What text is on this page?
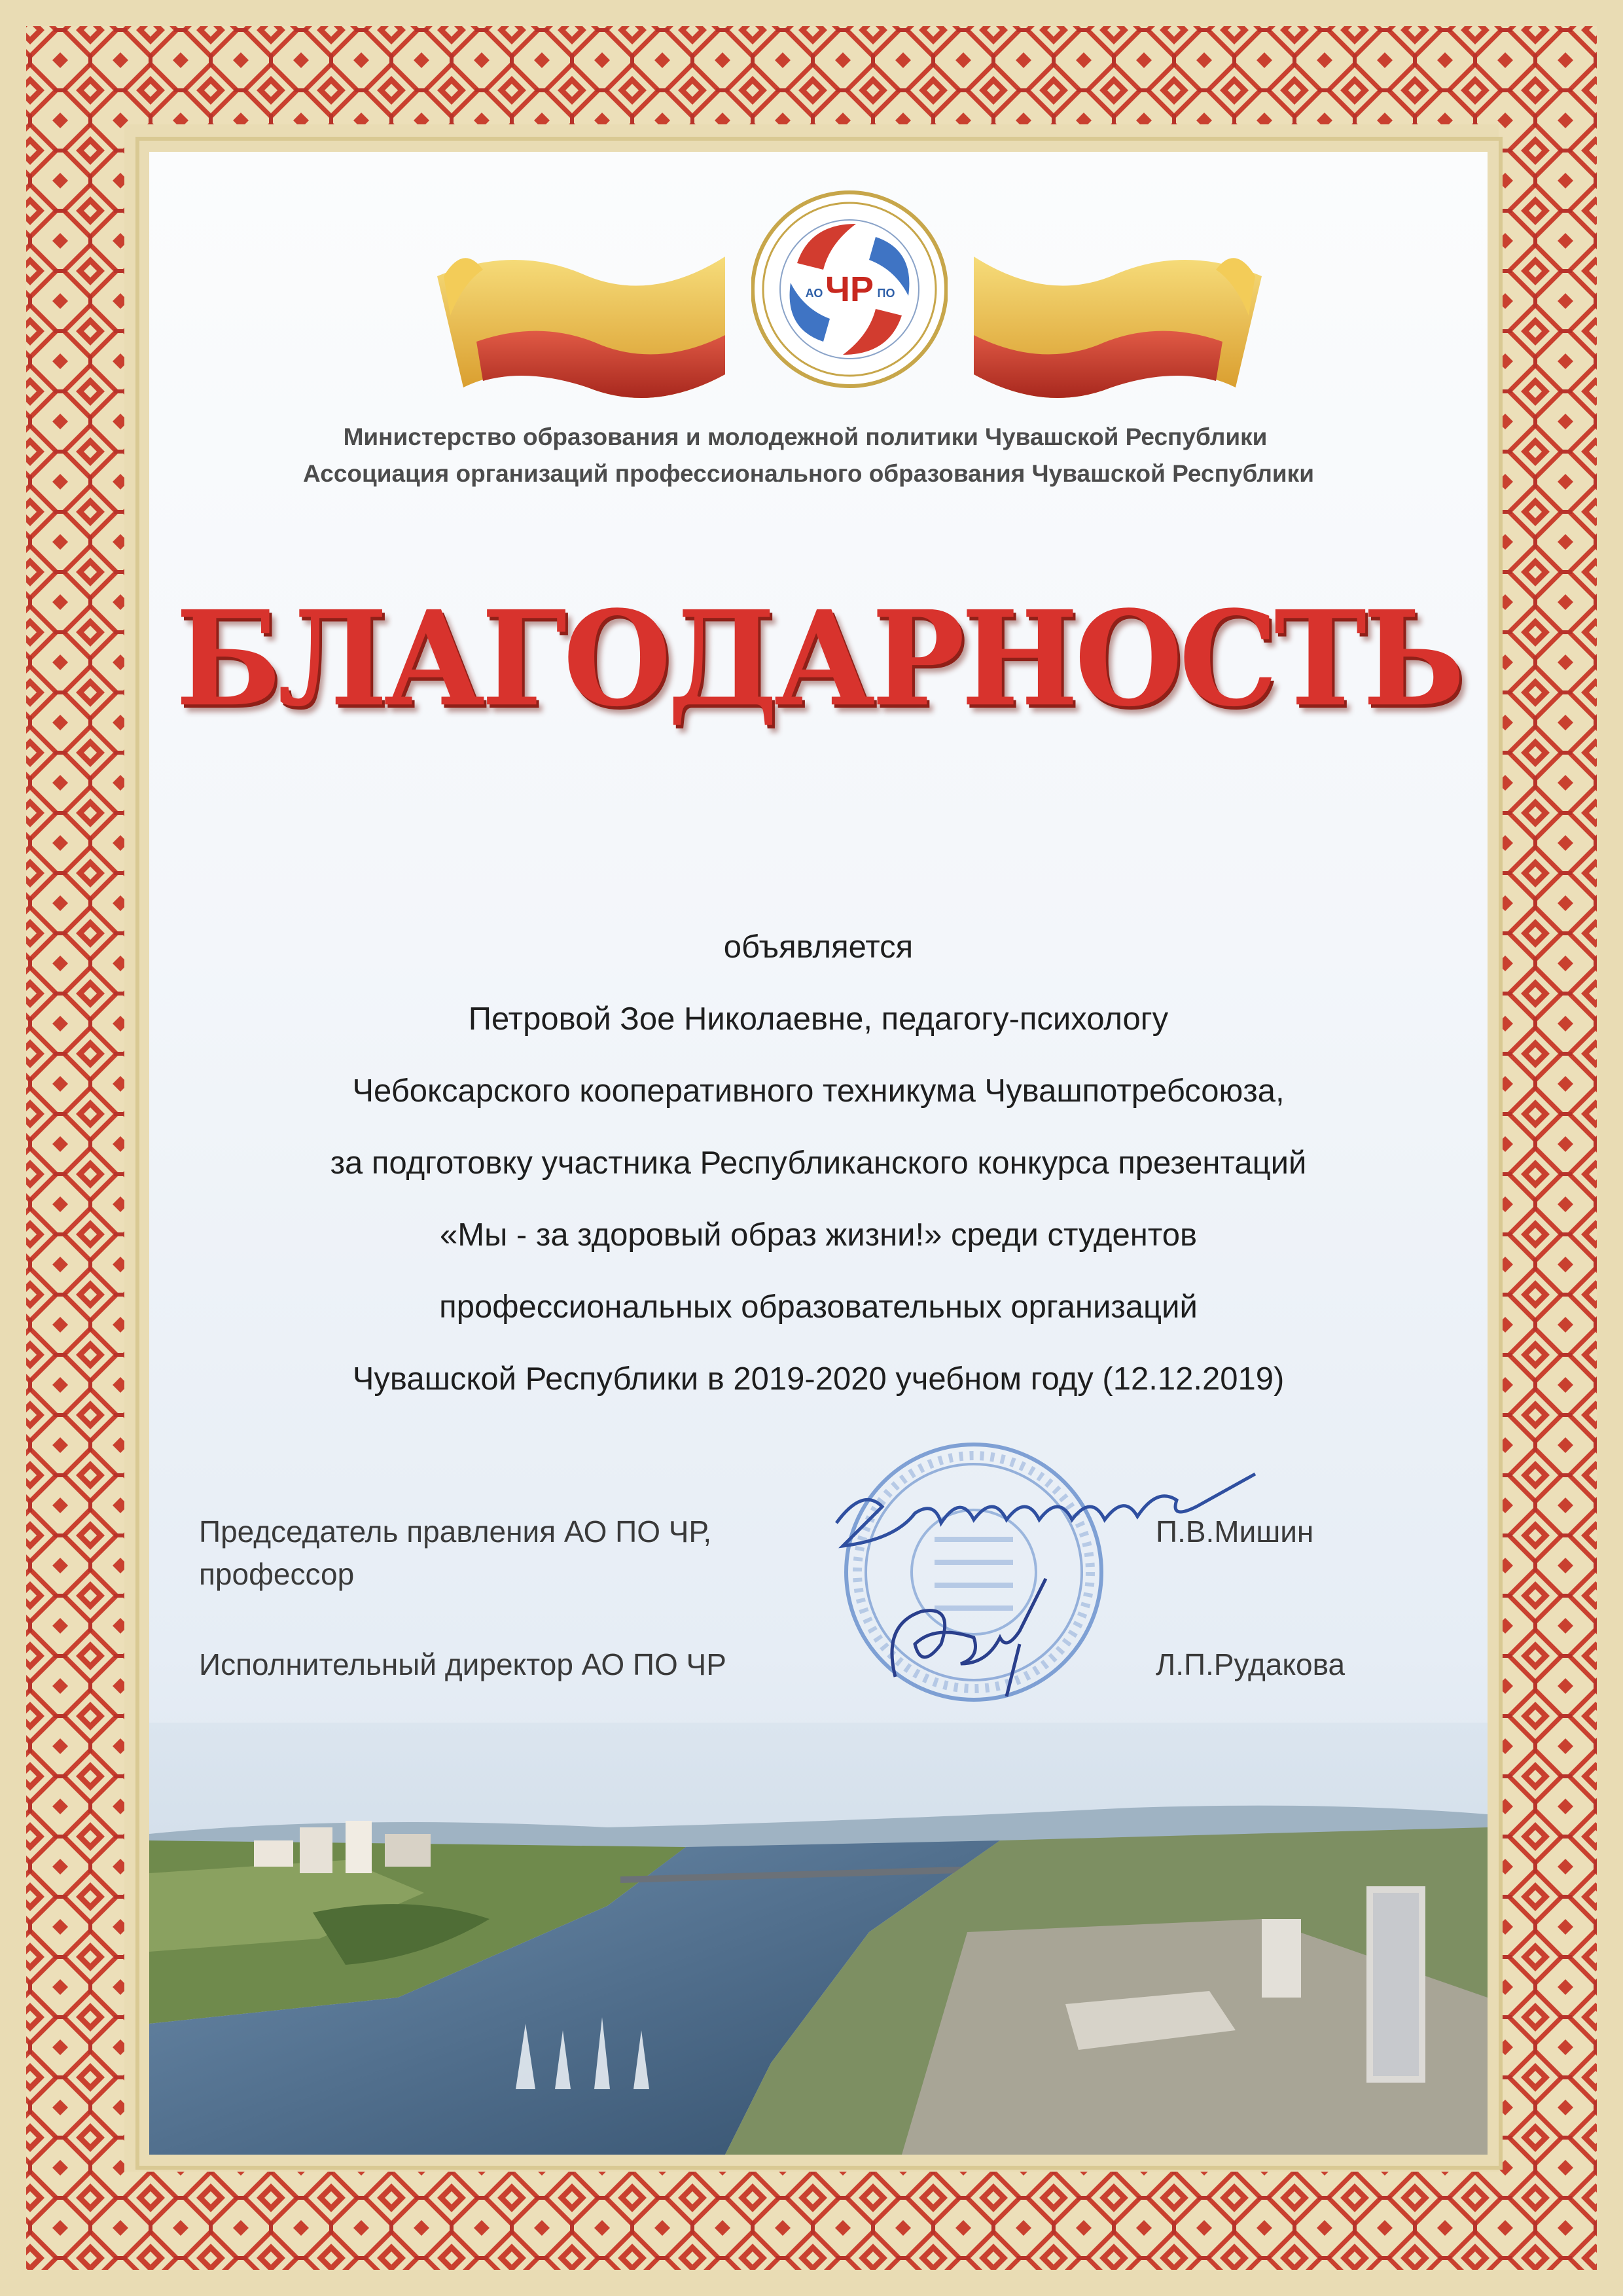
ЧР
АО	ПО
Министерство образования и молодежной политики Чувашской Республики
Ассоциация организаций профессионального образования Чувашской Республики
БЛАГОДАРНОСТЬ
объявляется
Петровой Зое Николаевне, педагогу-психологу
Чебоксарского кооперативного техникума Чувашпотребсоюза,
за подготовку участника Республиканского конкурса презентаций
«Мы - за здоровый образ жизни!» среди студентов
профессиональных образовательных организаций
Чувашской Республики в 2019-2020 учебном году (12.12.2019)
Председатель правления АО ПО ЧР,
профессор
П.В.Мишин
Исполнительный директор АО ПО ЧР	Л.П.Рудакова
